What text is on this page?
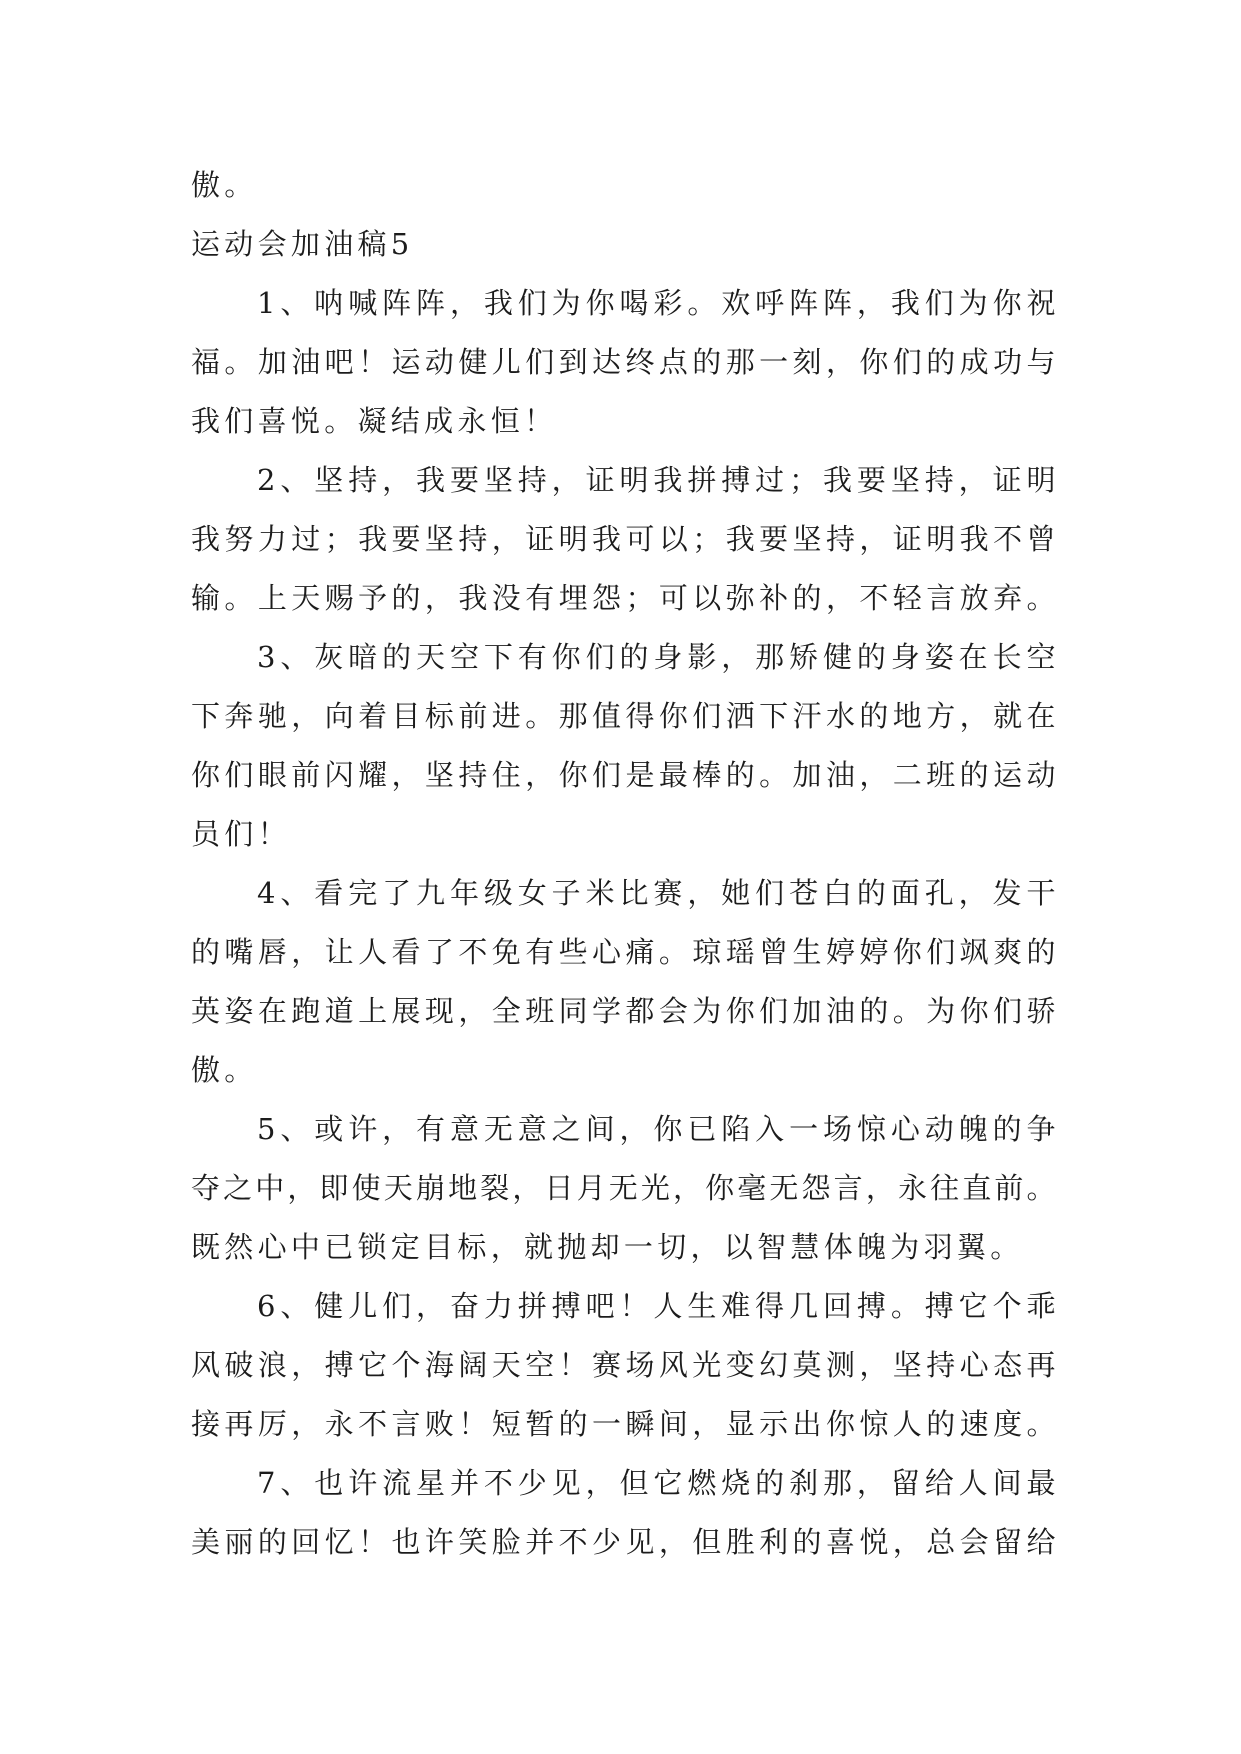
傲。
运动会加油稿5
1、呐喊阵阵，我们为你喝彩。欢呼阵阵，我们为你祝
福。加油吧！运动健儿们到达终点的那一刻，你们的成功与
我们喜悦。凝结成永恒！
2、坚持，我要坚持，证明我拼搏过；我要坚持，证明
我努力过；我要坚持，证明我可以；我要坚持，证明我不曾
输。上天赐予的，我没有埋怨；可以弥补的，不轻言放弃。
3、灰暗的天空下有你们的身影，那矫健的身姿在长空
下奔驰，向着目标前进。那值得你们洒下汗水的地方，就在
你们眼前闪耀，坚持住，你们是最棒的。加油，二班的运动
员们！
4、看完了九年级女子米比赛，她们苍白的面孔，发干
的嘴唇，让人看了不免有些心痛。琼瑶曾生婷婷你们飒爽的
英姿在跑道上展现，全班同学都会为你们加油的。为你们骄
傲。
5、或许，有意无意之间，你已陷入一场惊心动魄的争
夺之中，即使天崩地裂，日月无光，你毫无怨言，永往直前。
既然心中已锁定目标，就抛却一切，以智慧体魄为羽翼。
6、健儿们，奋力拼搏吧！人生难得几回搏。搏它个乖
风破浪，搏它个海阔天空！赛场风光变幻莫测，坚持心态再
接再厉，永不言败！短暂的一瞬间，显示出你惊人的速度。
7、也许流星并不少见，但它燃烧的刹那，留给人间最
美丽的回忆！也许笑脸并不少见，但胜利的喜悦，总会留给
